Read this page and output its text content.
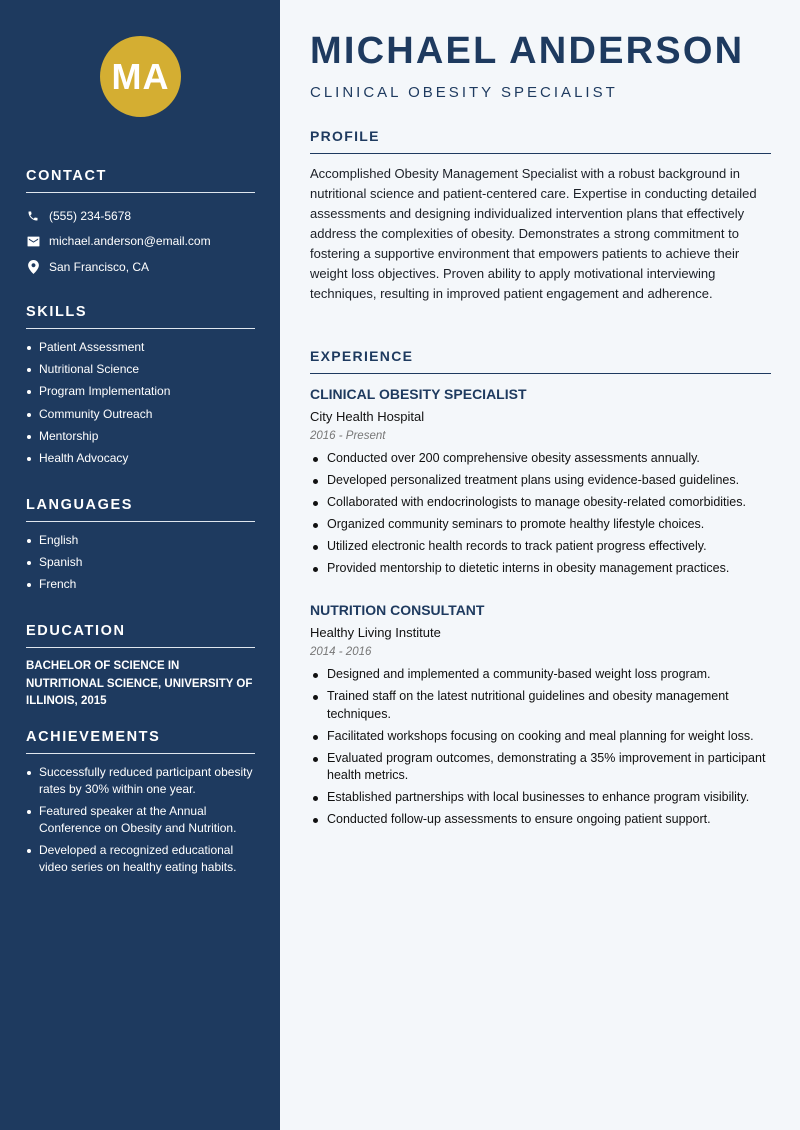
MA
CONTACT
(555) 234-5678
michael.anderson@email.com
San Francisco, CA
SKILLS
Patient Assessment
Nutritional Science
Program Implementation
Community Outreach
Mentorship
Health Advocacy
LANGUAGES
English
Spanish
French
EDUCATION

BACHELOR OF SCIENCE IN NUTRITIONAL SCIENCE, UNIVERSITY OF ILLINOIS, 2015

ACHIEVEMENTS
Successfully reduced participant obesity rates by 30% within one year.
Featured speaker at the Annual Conference on Obesity and Nutrition.
Developed a recognized educational video series on healthy eating habits.
MICHAEL ANDERSON
CLINICAL OBESITY SPECIALIST
PROFILE

Accomplished Obesity Management Specialist with a robust background in nutritional science and patient-centered care. Expertise in conducting detailed assessments and designing individualized intervention plans that effectively address the complexities of obesity. Demonstrates a strong commitment to fostering a supportive environment that empowers patients to achieve their weight loss objectives. Proven ability to apply motivational interviewing techniques, resulting in improved patient engagement and adherence.

EXPERIENCE
CLINICAL OBESITY SPECIALIST
City Health Hospital
2016 - Present
Conducted over 200 comprehensive obesity assessments annually.
Developed personalized treatment plans using evidence-based guidelines.
Collaborated with endocrinologists to manage obesity-related comorbidities.
Organized community seminars to promote healthy lifestyle choices.
Utilized electronic health records to track patient progress effectively.
Provided mentorship to dietetic interns in obesity management practices.
NUTRITION CONSULTANT
Healthy Living Institute
2014 - 2016
Designed and implemented a community-based weight loss program.
Trained staff on the latest nutritional guidelines and obesity management techniques.
Facilitated workshops focusing on cooking and meal planning for weight loss.
Evaluated program outcomes, demonstrating a 35% improvement in participant health metrics.
Established partnerships with local businesses to enhance program visibility.
Conducted follow-up assessments to ensure ongoing patient support.
